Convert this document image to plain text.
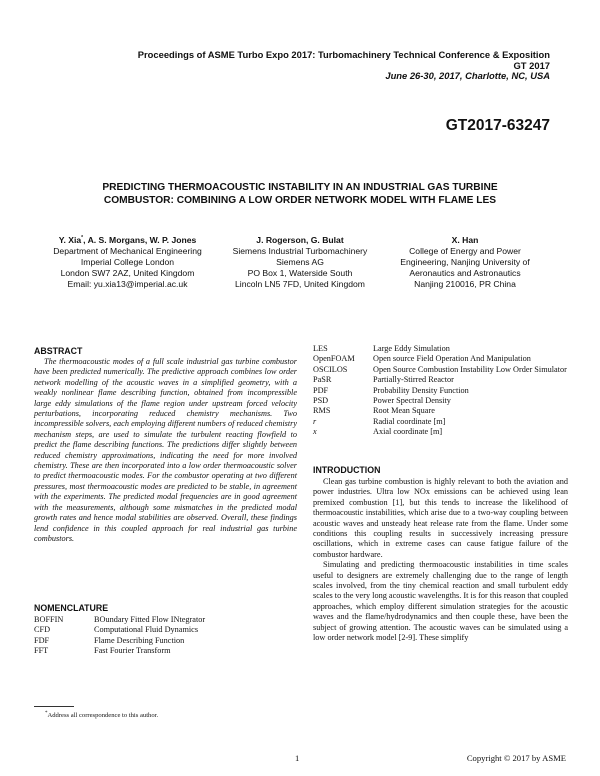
Proceedings of ASME Turbo Expo 2017: Turbomachinery Technical Conference & Exposition
GT 2017
June 26-30, 2017, Charlotte, NC, USA
GT2017-63247
PREDICTING THERMOACOUSTIC INSTABILITY IN AN INDUSTRIAL GAS TURBINE
COMBUSTOR: COMBINING A LOW ORDER NETWORK MODEL WITH FLAME LES
Y. Xia*, A. S. Morgans, W. P. Jones
Department of Mechanical Engineering
Imperial College London
London SW7 2AZ, United Kingdom
Email: yu.xia13@imperial.ac.uk
J. Rogerson, G. Bulat
Siemens Industrial Turbomachinery
Siemens AG
PO Box 1, Waterside South
Lincoln LN5 7FD, United Kingdom
X. Han
College of Energy and Power
Engineering, Nanjing University of
Aeronautics and Astronautics
Nanjing 210016, PR China
ABSTRACT
The thermoacoustic modes of a full scale industrial gas turbine combustor have been predicted numerically. The predictive approach combines low order network modelling of the acoustic waves in a simplified geometry, with a weakly nonlinear flame describing function, obtained from incompressible large eddy simulations of the flame region under upstream forced velocity perturbations, incorporating reduced chemistry mechanisms. Two incompressible solvers, each employing different numbers of reduced chemistry mechanism steps, are used to simulate the turbulent reacting flowfield to predict the flame describing functions. The predictions differ slightly between reduced chemistry approximations, indicating the need for more involved chemistry. These are then incorporated into a low order thermoacoustic solver to predict thermoacoustic modes. For the combustor operating at two different pressures, most thermoacoustic modes are predicted to be stable, in agreement with the experiments. The predicted modal frequencies are in good agreement with the measurements, although some mismatches in the predicted modal growth rates and hence modal stabilities are observed. Overall, these findings lend confidence in this coupled approach for real industrial gas turbine combustors.
NOMENCLATURE
BOFFIN	BOundary Fitted Flow INtegrator
CFD	Computational Fluid Dynamics
FDF	Flame Describing Function
FFT	Fast Fourier Transform
*Address all correspondence to this author.
LES	Large Eddy Simulation
OpenFOAM	Open source Field Operation And Manipulation
OSCILOS	Open Source Combustion Instability Low Order Simulator
PaSR	Partially-Stirred Reactor
PDF	Probability Density Function
PSD	Power Spectral Density
RMS	Root Mean Square
r	Radial coordinate [m]
x	Axial coordinate [m]
INTRODUCTION

Clean gas turbine combustion is highly relevant to both the aviation and power industries. Ultra low NOx emissions can be achieved using lean premixed combustion [1], but this tends to increase the likelihood of thermoacoustic instabilities, which arise due to a two-way coupling between acoustic waves and unsteady heat release rate from the flame. Under some conditions this coupling results in successively increasing pressure oscillations, which in extreme cases can cause fatigue failure of the combustor hardware.

Simulating and predicting thermoacoustic instabilities in time scales useful to designers are extremely challenging due to the range of length scales involved, from the tiny chemical reaction and small turbulent eddy scales to the very long acoustic wavelengths. It is for this reason that coupled approaches, which employ different simulation strategies for the acoustic waves and the flame/hydrodynamics and then couple these, have been the subject of growing attention. The acoustic waves can be simulated using a low order network model [2-9]. These simplify

1	Copyright © 2017 by ASME
